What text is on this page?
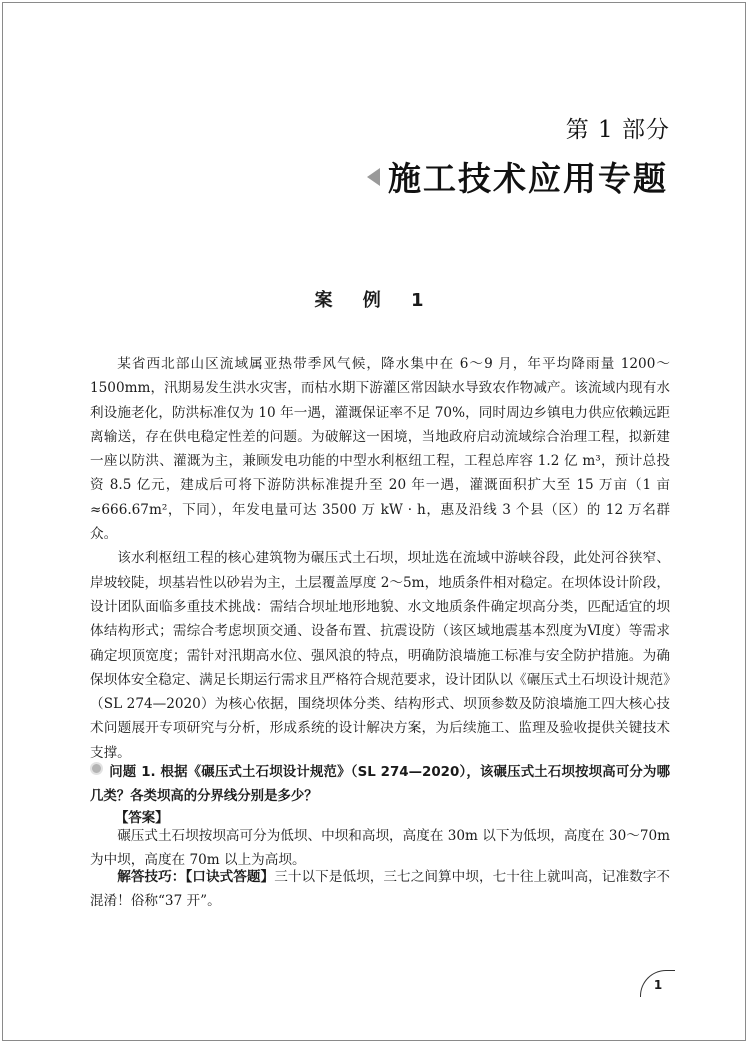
第 1 部分
施工技术应用专题
案 例 1

某省西北部山区流域属亚热带季风气候，降水集中在 6～9 月，年平均降雨量 1200～1500mm，汛期易发生洪水灾害，而枯水期下游灌区常因缺水导致农作物减产。该流域内现有水利设施老化，防洪标准仅为 10 年一遇，灌溉保证率不足 70%，同时周边乡镇电力供应依赖远距离输送，存在供电稳定性差的问题。为破解这一困境，当地政府启动流域综合治理工程，拟新建一座以防洪、灌溉为主，兼顾发电功能的中型水利枢纽工程，工程总库容 1.2 亿 m³，预计总投资 8.5 亿元，建成后可将下游防洪标准提升至 20 年一遇，灌溉面积扩大至 15 万亩（1 亩≈666.67m²，下同），年发电量可达 3500 万 kW · h，惠及沿线 3 个县（区）的 12 万名群众。

该水利枢纽工程的核心建筑物为碾压式土石坝，坝址选在流域中游峡谷段，此处河谷狭窄、岸坡较陡，坝基岩性以砂岩为主，土层覆盖厚度 2～5m，地质条件相对稳定。在坝体设计阶段，设计团队面临多重技术挑战：需结合坝址地形地貌、水文地质条件确定坝高分类，匹配适宜的坝体结构形式；需综合考虑坝顶交通、设备布置、抗震设防（该区域地震基本烈度为Ⅵ度）等需求确定坝顶宽度；需针对汛期高水位、强风浪的特点，明确防浪墙施工标准与安全防护措施。为确保坝体安全稳定、满足长期运行需求且严格符合规范要求，设计团队以《碾压式土石坝设计规范》（SL 274—2020）为核心依据，围绕坝体分类、结构形式、坝顶参数及防浪墙施工四大核心技术问题展开专项研究与分析，形成系统的设计解决方案，为后续施工、监理及验收提供关键技术支撑。

问题 1. 根据《碾压式土石坝设计规范》（SL 274—2020），该碾压式土石坝按坝高可分为哪几类？各类坝高的分界线分别是多少？
【答案】

碾压式土石坝按坝高可分为低坝、中坝和高坝，高度在 30m 以下为低坝，高度在 30～70m 为中坝，高度在 70m 以上为高坝。

解答技巧：【口诀式答题】三十以下是低坝，三七之间算中坝，七十往上就叫高，记准数字不混淆！俗称“37 开”。
1
